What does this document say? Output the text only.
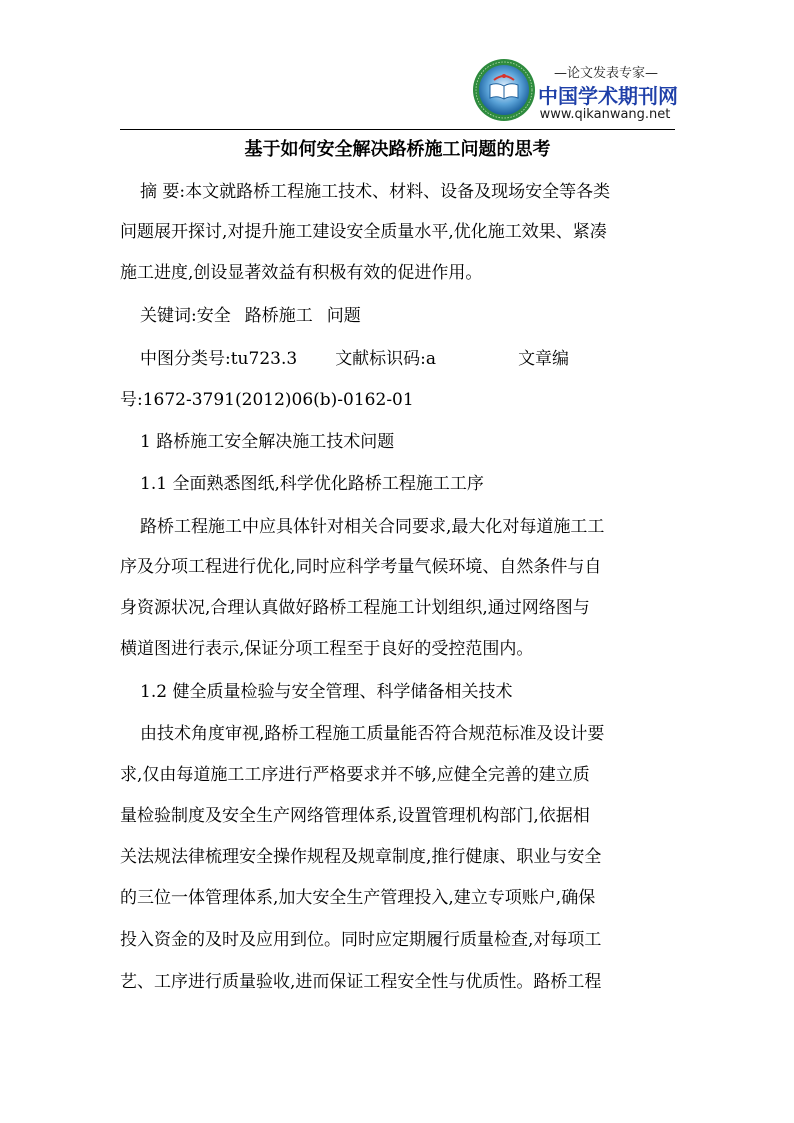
—论文发表专家—
中国学术期刊网
www.qikanwang.net
基于如何安全解决路桥施工问题的思考
摘 要:本文就路桥工程施工技术、材料、设备及现场安全等各类
问题展开探讨,对提升施工建设安全质量水平,优化施工效果、紧凑
施工进度,创设显著效益有积极有效的促进作用。
关键词:安全 路桥施工 问题
中图分类号:tu723.3 文献标识码:a	文章编
号:1672-3791(2012)06(b)-0162-01
1 路桥施工安全解决施工技术问题
1.1 全面熟悉图纸,科学优化路桥工程施工工序
路桥工程施工中应具体针对相关合同要求,最大化对每道施工工
序及分项工程进行优化,同时应科学考量气候环境、自然条件与自
身资源状况,合理认真做好路桥工程施工计划组织,通过网络图与
横道图进行表示,保证分项工程至于良好的受控范围内。
1.2 健全质量检验与安全管理、科学储备相关技术
由技术角度审视,路桥工程施工质量能否符合规范标准及设计要
求,仅由每道施工工序进行严格要求并不够,应健全完善的建立质
量检验制度及安全生产网络管理体系,设置管理机构部门,依据相
关法规法律梳理安全操作规程及规章制度,推行健康、职业与安全
的三位一体管理体系,加大安全生产管理投入,建立专项账户,确保
投入资金的及时及应用到位。同时应定期履行质量检查,对每项工
艺、工序进行质量验收,进而保证工程安全性与优质性。路桥工程
